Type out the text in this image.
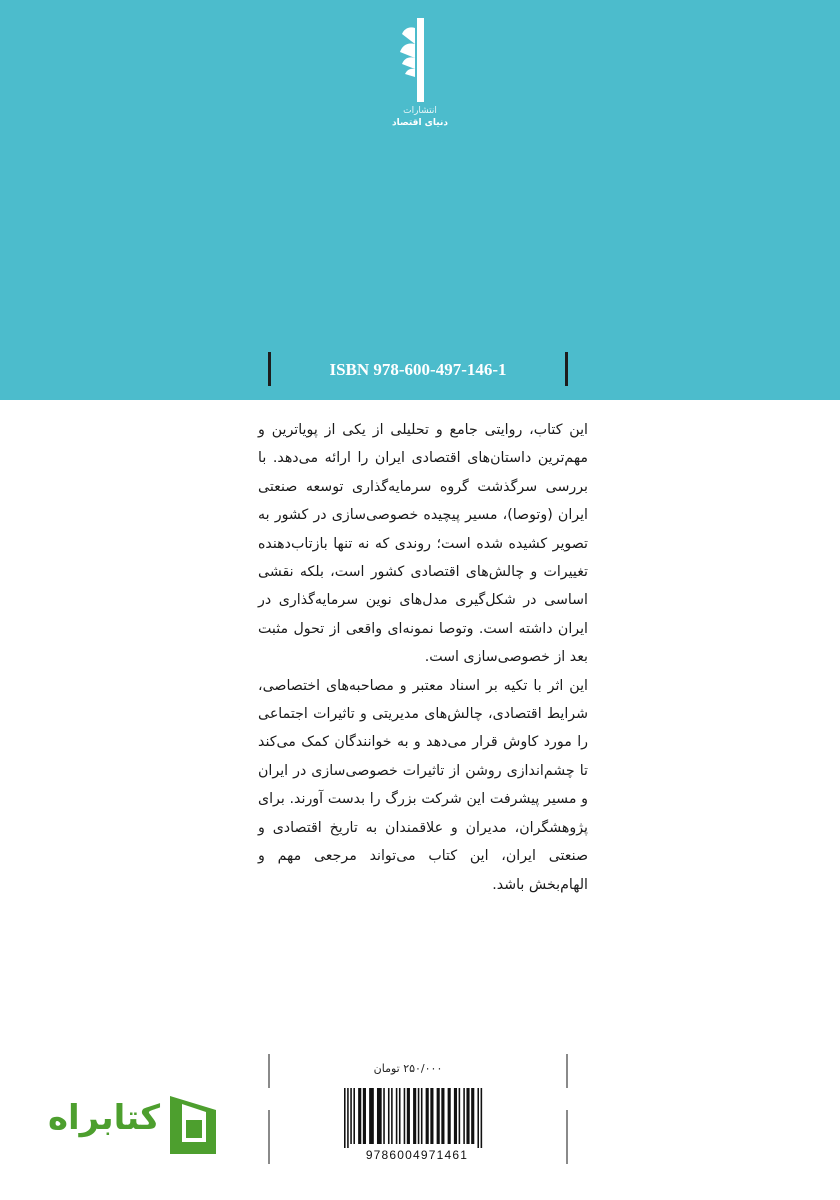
انتشارات
دنیای اقتصاد
ISBN 978-600-497-146-1

این کتاب، روایتی جامع و تحلیلی از یکی از پویاترین و مهم‌ترین داستان‌های اقتصادی ایران را ارائه می‌دهد. با بررسی سرگذشت گروه سرمایه‌گذاری توسعه صنعتی ایران (وتوصا)، مسیر پیچیده خصوصی‌سازی در کشور به تصویر کشیده شده است؛ روندی که نه تنها بازتاب‌دهنده تغییرات و چالش‌های اقتصادی کشور است، بلکه نقشی اساسی در شکل‌گیری مدل‌های نوین سرمایه‌گذاری در ایران داشته است. وتوصا نمونه‌ای واقعی از تحول مثبت بعد از خصوصی‌سازی است.

این اثر با تکیه بر اسناد معتبر و مصاحبه‌های اختصاصی، شرایط اقتصادی، چالش‌های مدیریتی و تاثیرات اجتماعی را مورد کاوش قرار می‌دهد و به خوانندگان کمک می‌کند تا چشم‌اندازی روشن از تاثیرات خصوصی‌سازی در ایران و مسیر پیشرفت این شرکت بزرگ را بدست آورند. برای پژوهشگران، مدیران و علاقمندان به تاریخ اقتصادی و صنعتی ایران، این کتاب می‌تواند مرجعی مهم و الهام‌بخش باشد.

۲۵۰/۰۰۰ تومان
9786004971461
کتابراه
